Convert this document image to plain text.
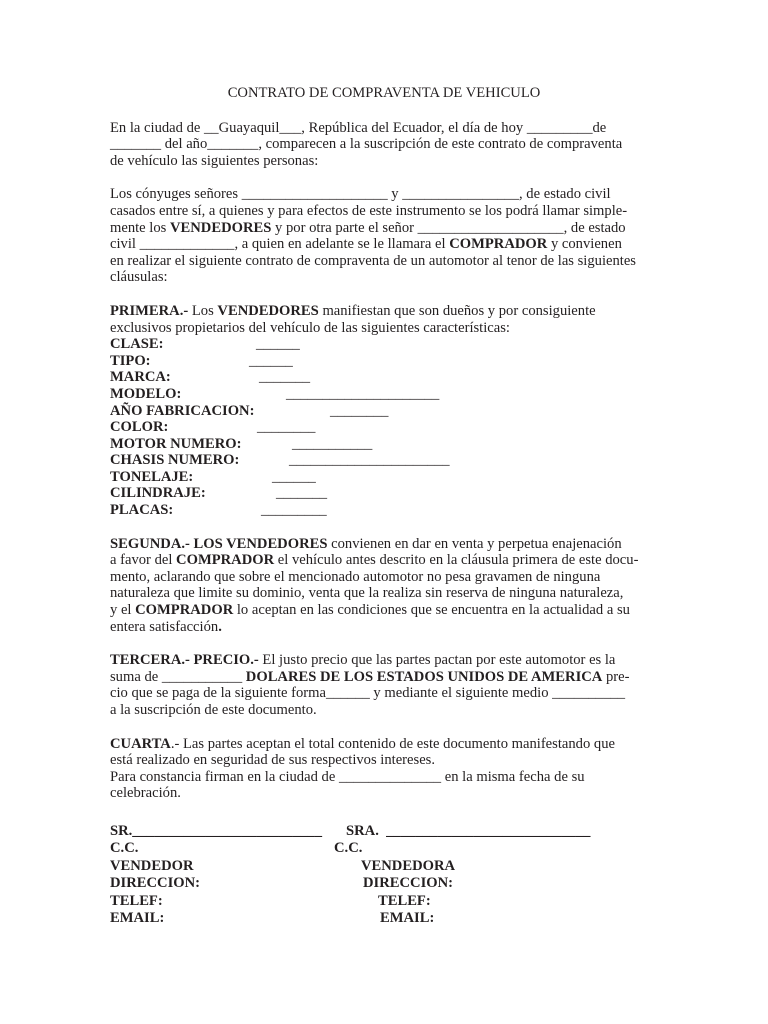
CONTRATO DE COMPRAVENTA DE VEHICULO

En la ciudad de __Guayaquil___, República del Ecuador, el día de hoy _________de

_______ del año_______, comparecen a la suscripción de este contrato de compraventa

de vehículo las siguientes personas:

Los cónyuges señores ____________________ y ________________, de estado civil

casados entre sí, a quienes y para efectos de este instrumento se los podrá llamar simple-

mente los VENDEDORES y por otra parte el señor ____________________, de estado

civil _____________, a quien en adelante se le llamara el COMPRADOR y convienen

en realizar el siguiente contrato de compraventa de un automotor al tenor de las siguientes

cláusulas:

PRIMERA.- Los VENDEDORES manifiestan que son dueños y por consiguiente

exclusivos propietarios del vehículo de las siguientes características:

CLASE:	______
TIPO:	______
MARCA:	_______
MODELO:	_____________________
AÑO FABRICACION:	________
COLOR:	________
MOTOR NUMERO:	___________
CHASIS NUMERO:	______________________
TONELAJE:	______
CILINDRAJE:	_______
PLACAS:	_________

SEGUNDA.- LOS VENDEDORES convienen en dar en venta y perpetua enajenación

a favor del COMPRADOR el vehículo antes descrito en la cláusula primera de este docu-

mento, aclarando que sobre el mencionado automotor no pesa gravamen de ninguna

naturaleza que limite su dominio, venta que la realiza sin reserva de ninguna naturaleza,

y el COMPRADOR lo aceptan en las condiciones que se encuentra en la actualidad a su

entera satisfacción.

TERCERA.- PRECIO.- El justo precio que las partes pactan por este automotor es la

suma de ___________ DOLARES DE LOS ESTADOS UNIDOS DE AMERICA pre-

cio que se paga de la siguiente forma______ y mediante el siguiente medio __________

a la suscripción de este documento.

CUARTA.- Las partes aceptan el total contenido de este documento manifestando que

está realizado en seguridad de sus respectivos intereses.

Para constancia firman en la ciudad de ______________ en la misma fecha de su

celebración.

SR.__________________________ SRA.  ____________________________
C.C.	C.C.
VENDEDOR	VENDEDORA
DIRECCION:	DIRECCION:
TELEF:	TELEF:
EMAIL:	EMAIL:
